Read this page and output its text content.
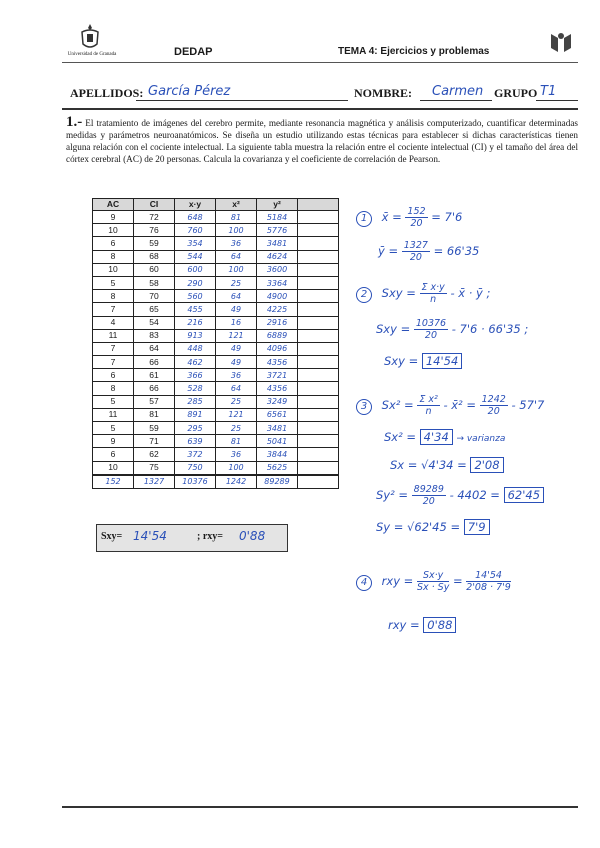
Universidad de Granada	DEDAP	TEMA 4: Ejercicios y problemas
APELLIDOS: García Pérez	NOMBRE: Carmen GRUPO T1
1.- El tratamiento de imágenes del cerebro permite, mediante resonancia magnética y análisis computerizado, cuantificar determinadas medidas y parámetros neuroanatómicos. Se diseña un estudio utilizando estas técnicas para establecer si dichas características tienen alguna relación con el cociente intelectual. La siguiente tabla muestra la relación entre el cociente intelectual (CI) y el tamaño del área del córtex cerebral (AC) de 20 personas. Calcula la covarianza y el coeficiente de correlación de Pearson.
AC	CI	x·y	x²	y²	
9	72	648	81	5184	
10	76	760	100	5776	
6	59	354	36	3481	
8	68	544	64	4624	
10	60	600	100	3600	
5	58	290	25	3364	
8	70	560	64	4900	
7	65	455	49	4225	
4	54	216	16	2916	
11	83	913	121	6889	
7	64	448	49	4096	
7	66	462	49	4356	
6	61	366	36	3721	
8	66	528	64	4356	
5	57	285	25	3249	
11	81	891	121	6561	
5	59	295	25	3481	
9	71	639	81	5041	
6	62	372	36	3844	
10	75	750	100	5625	
152	1327	10376	1242	89289	
Sxy= 14'54	; rxy= 0'88
1 x̄ = $\frac{152}{20} = 7'6$
ȳ = $\frac{1327}{20} = 66'35$
2 Sxy = $\frac{\text{Σ x·y}}{n}$ - x̄ · ȳ ;
Sxy = $\frac{10376}{20} - 7'6 \cdot 66'35$ ;
Sxy = 14'54
3 $Sx^2 = \frac{\text{Σ x²}}{n}$ - x̄² = $\frac{1242}{20} - 57'7$
Sx² = 4'34 → varianza
Sx = √4'34 = 2'08
$Sy^2 = \frac{89289}{20} - 4402 = 62'45$
Sy = √62'45 = 7'9
4 rxy = $\frac{Sx\cdot y}{Sx \cdot Sy} = \frac{14'54}{2'08 \cdot 7'9}$
rxy = 0'88
